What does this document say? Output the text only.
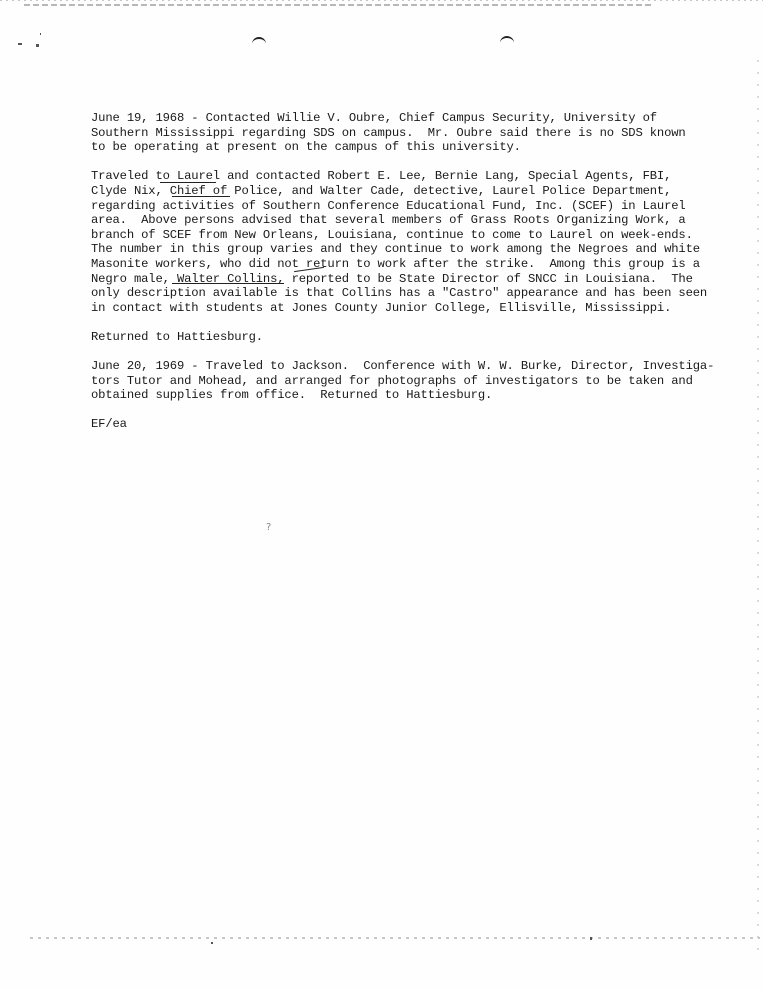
June 19, 1968 - Contacted Willie V. Oubre, Chief Campus Security, University of
Southern Mississippi regarding SDS on campus.  Mr. Oubre said there is no SDS known
to be operating at present on the campus of this university.
Traveled to Laurel and contacted Robert E. Lee, Bernie Lang, Special Agents, FBI,
Clyde Nix, Chief of Police, and Walter Cade, detective, Laurel Police Department,
regarding activities of Southern Conference Educational Fund, Inc. (SCEF) in Laurel
area.  Above persons advised that several members of Grass Roots Organizing Work, a
branch of SCEF from New Orleans, Louisiana, continue to come to Laurel on week-ends.
The number in this group varies and they continue to work among the Negroes and white
Masonite workers, who did not return to work after the strike.  Among this group is a
Negro male, Walter Collins, reported to be State Director of SNCC in Louisiana.  The
only description available is that Collins has a "Castro" appearance and has been seen
in contact with students at Jones County Junior College, Ellisville, Mississippi.
Returned to Hattiesburg.
June 20, 1969 - Traveled to Jackson.  Conference with W. W. Burke, Director, Investiga-
tors Tutor and Mohead, and arranged for photographs of investigators to be taken and
obtained supplies from office.  Returned to Hattiesburg.
EF/ea
?
